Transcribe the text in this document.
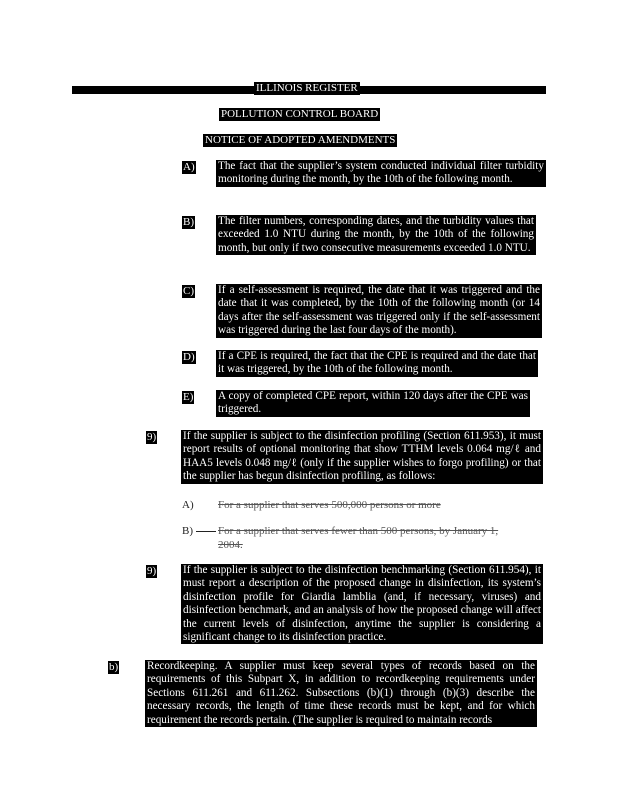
ILLINOIS REGISTER
POLLUTION CONTROL BOARD
NOTICE OF ADOPTED AMENDMENTS
A) The fact that the supplier’s system conducted individual filter turbidity monitoring during the month, by the 10th of the following month.
B) The filter numbers, corresponding dates, and the turbidity values that exceeded 1.0 NTU during the month, by the 10th of the following month, but only if two consecutive measurements exceeded 1.0 NTU.
C) If a self-assessment is required, the date that it was triggered and the date that it was completed, by the 10th of the following month (or 14 days after the self-assessment was triggered only if the self-assessment was triggered during the last four days of the month).
D) If a CPE is required, the fact that the CPE is required and the date that it was triggered, by the 10th of the following month.
E) A copy of completed CPE report, within 120 days after the CPE was triggered.
9) If the supplier is subject to the disinfection profiling (Section 611.953), it must report results of optional monitoring that show TTHM levels 0.064 mg/ℓ and HAA5 levels 0.048 mg/ℓ (only if the supplier wishes to forgo profiling) or that the supplier has begun disinfection profiling, as follows:
A) For a supplier that serves 500,000 persons or more
B) For a supplier that serves fewer than 500 persons, by January 1,
2004.
9) If the supplier is subject to the disinfection benchmarking (Section 611.954), it must report a description of the proposed change in disinfection, its system’s disinfection profile for Giardia lamblia (and, if necessary, viruses) and disinfection benchmark, and an analysis of how the proposed change will affect the current levels of disinfection, anytime the supplier is considering a significant change to its disinfection practice.
b)	Recordkeeping. A supplier must keep several types of records based on the requirements of this Subpart X, in addition to recordkeeping requirements under Sections 611.261 and 611.262. Subsections (b)(1) through (b)(3) describe the necessary records, the length of time these records must be kept, and for which requirement the records pertain. (The supplier is required to maintain records
